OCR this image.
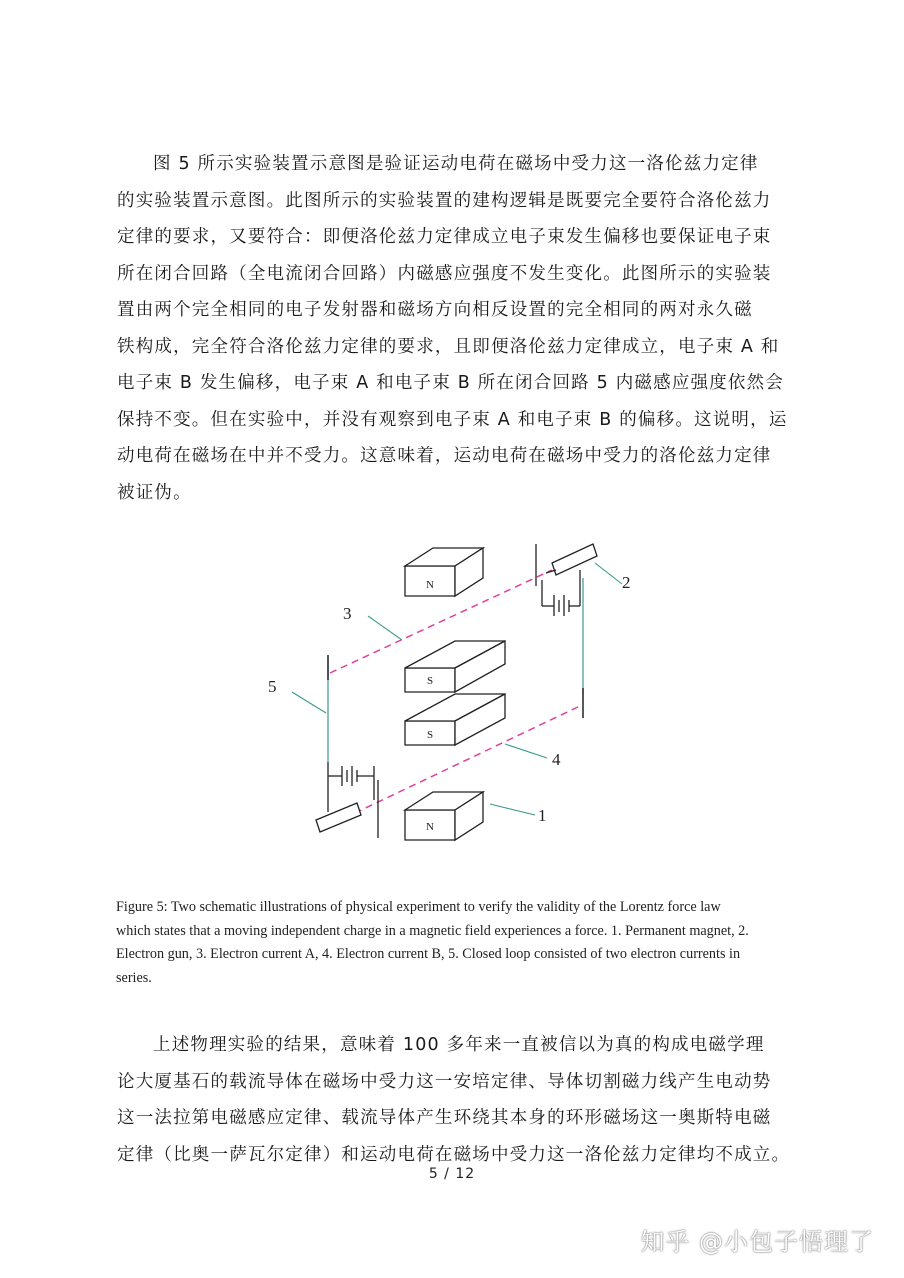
图 5 所示实验装置示意图是验证运动电荷在磁场中受力这一洛伦兹力定律
的实验装置示意图。此图所示的实验装置的建构逻辑是既要完全要符合洛伦兹力
定律的要求，又要符合：即便洛伦兹力定律成立电子束发生偏移也要保证电子束
所在闭合回路（全电流闭合回路）内磁感应强度不发生变化。此图所示的实验装
置由两个完全相同的电子发射器和磁场方向相反设置的完全相同的两对永久磁
铁构成，完全符合洛伦兹力定律的要求，且即便洛伦兹力定律成立，电子束 A 和
电子束 B 发生偏移，电子束 A 和电子束 B 所在闭合回路 5 内磁感应强度依然会
保持不变。但在实验中，并没有观察到电子束 A 和电子束 B 的偏移。这说明，运
动电荷在磁场在中并不受力。这意味着，运动电荷在磁场中受力的洛伦兹力定律
被证伪。
N
S
S
N
1
2
3
4
5
Figure 5: Two schematic illustrations of physical experiment to verify the validity of the Lorentz force law
which states that a moving independent charge in a magnetic field experiences a force. 1. Permanent magnet, 2.
Electron gun, 3. Electron current A, 4. Electron current B, 5. Closed loop consisted of two electron currents in
series.
上述物理实验的结果，意味着 100 多年来一直被信以为真的构成电磁学理
论大厦基石的载流导体在磁场中受力这一安培定律、导体切割磁力线产生电动势
这一法拉第电磁感应定律、载流导体产生环绕其本身的环形磁场这一奥斯特电磁
定律（比奥一萨瓦尔定律）和运动电荷在磁场中受力这一洛伦兹力定律均不成立。
5 / 12
知乎 @小包子悟理了
